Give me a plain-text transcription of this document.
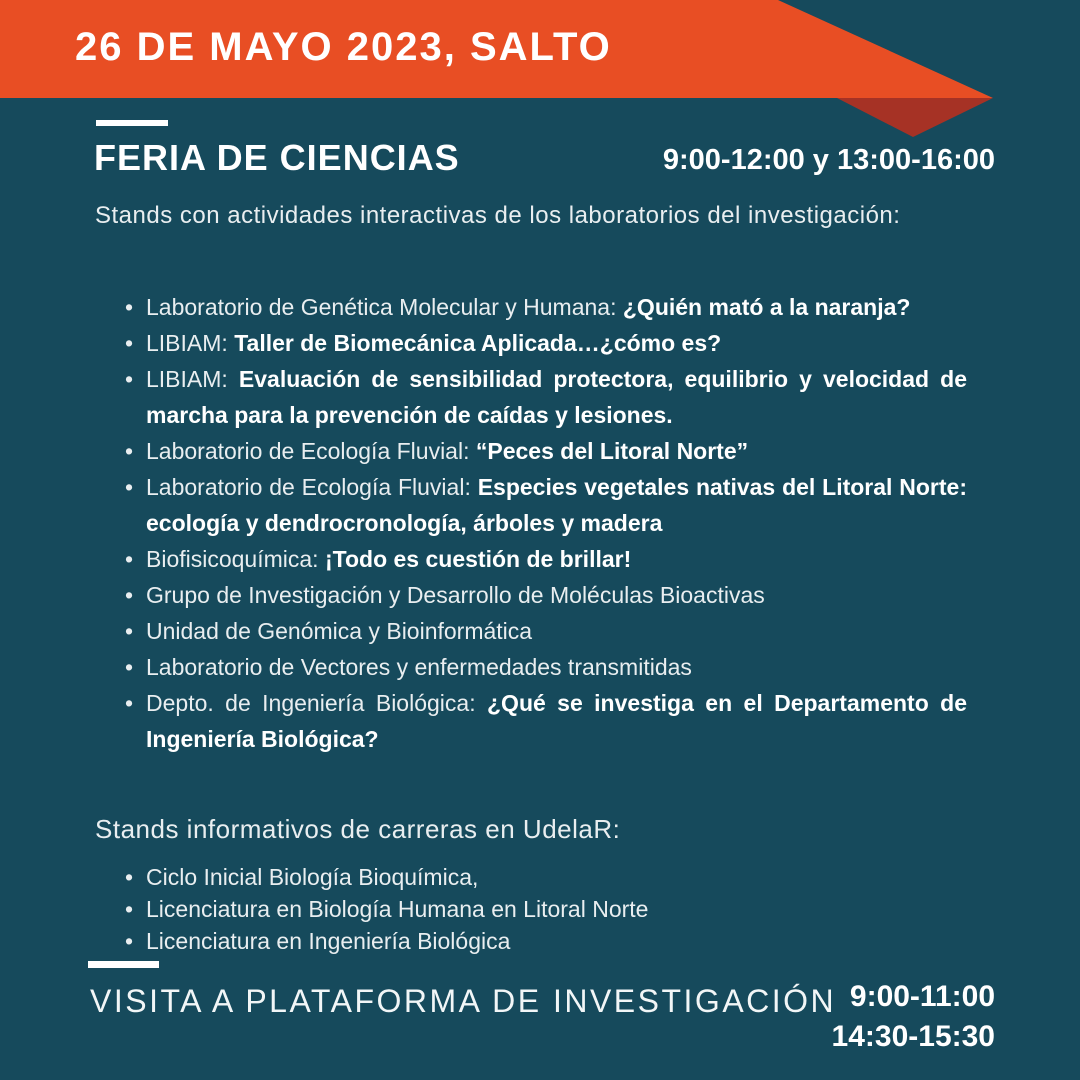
26 DE MAYO 2023, SALTO
FERIA DE CIENCIAS	9:00-12:00 y 13:00-16:00
Stands con actividades interactivas de los laboratorios del investigación:
• Laboratorio de Genética Molecular y Humana: ¿Quién mató a la naranja?
• LIBIAM: Taller de Biomecánica Aplicada…¿cómo es?
• LIBIAM: Evaluación de sensibilidad protectora, equilibrio y velocidad de marcha para la prevención de caídas y lesiones.
• Laboratorio de Ecología Fluvial: “Peces del Litoral Norte”
• Laboratorio de Ecología Fluvial: Especies vegetales nativas del Litoral Norte: ecología y dendrocronología, árboles y madera
• Biofisicoquímica: ¡Todo es cuestión de brillar!
• Grupo de Investigación y Desarrollo de Moléculas Bioactivas
• Unidad de Genómica y Bioinformática
• Laboratorio de Vectores y enfermedades transmitidas
• Depto. de Ingeniería Biológica: ¿Qué se investiga en el Departamento de Ingeniería Biológica?
Stands informativos de carreras en UdelaR:
• Ciclo Inicial Biología Bioquímica,
• Licenciatura en Biología Humana en Litoral Norte
• Licenciatura en Ingeniería Biológica
VISITA A PLATAFORMA DE INVESTIGACIÓN 9:00-11:00
14:30-15:30
